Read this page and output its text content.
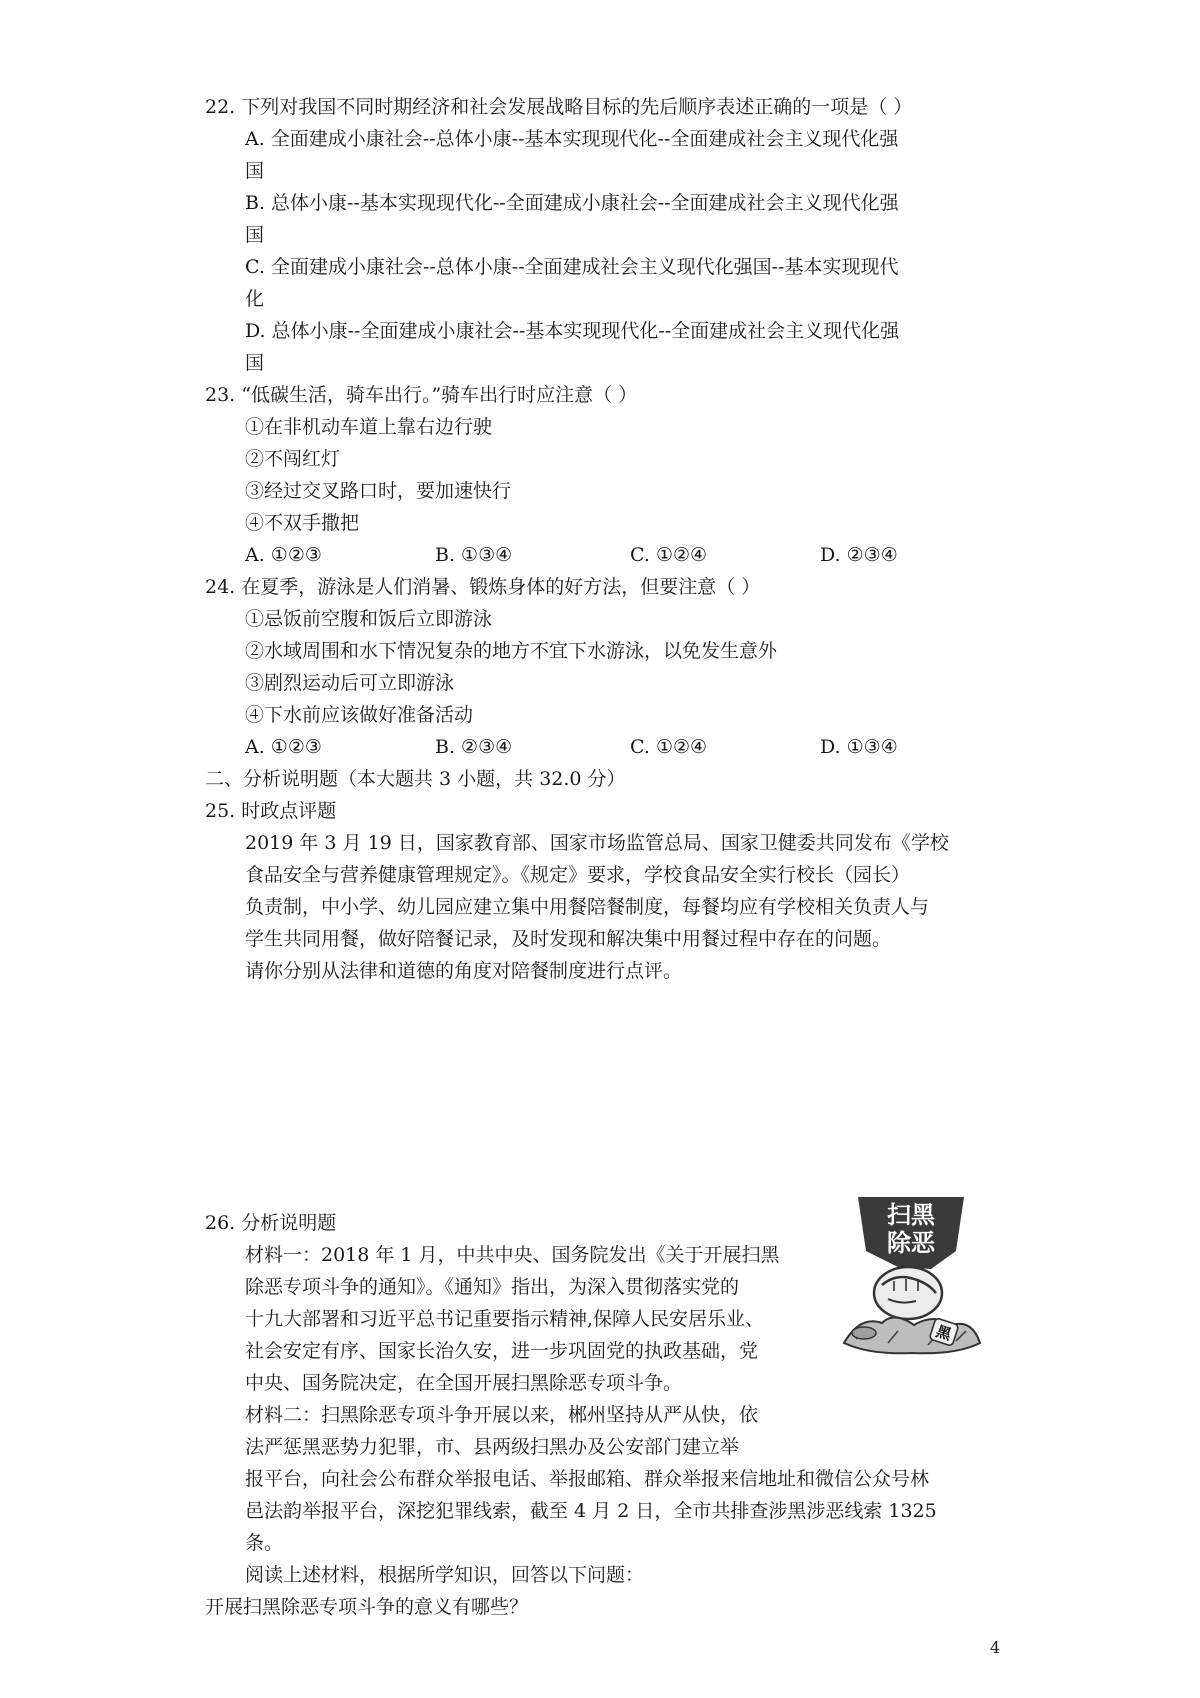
22. 下列对我国不同时期经济和社会发展战略目标的先后顺序表述正确的一项是（ ）
A. 全面建成小康社会--总体小康--基本实现现代化--全面建成社会主义现代化强
国
B. 总体小康--基本实现现代化--全面建成小康社会--全面建成社会主义现代化强
国
C. 全面建成小康社会--总体小康--全面建成社会主义现代化强国--基本实现现代
化
D. 总体小康--全面建成小康社会--基本实现现代化--全面建成社会主义现代化强
国
23. “低碳生活，骑车出行。”骑车出行时应注意（ ）
①在非机动车道上靠右边行驶
②不闯红灯
③经过交叉路口时，要加速快行
④不双手撒把
A. ①②③	B. ①③④	C. ①②④	D. ②③④
24. 在夏季，游泳是人们消暑、锻炼身体的好方法，但要注意（ ）
①忌饭前空腹和饭后立即游泳
②水域周围和水下情况复杂的地方不宜下水游泳，以免发生意外
③剧烈运动后可立即游泳
④下水前应该做好准备活动
A. ①②③	B. ②③④	C. ①②④	D. ①③④
二、分析说明题（本大题共 3 小题，共 32.0 分）
25. 时政点评题
2019 年 3 月 19 日，国家教育部、国家市场监管总局、国家卫健委共同发布《学校
食品安全与营养健康管理规定》。《规定》要求，学校食品安全实行校长（园长）
负责制，中小学、幼儿园应建立集中用餐陪餐制度，每餐均应有学校相关负责人与
学生共同用餐，做好陪餐记录，及时发现和解决集中用餐过程中存在的问题。
请你分别从法律和道德的角度对陪餐制度进行点评。
26. 分析说明题
材料一：2018 年 1 月，中共中央、国务院发出《关于开展扫黑
除恶专项斗争的通知》。《通知》指出，为深入贯彻落实党的
十九大部署和习近平总书记重要指示精神,保障人民安居乐业、
社会安定有序、国家长治久安，进一步巩固党的执政基础，党
中央、国务院决定，在全国开展扫黑除恶专项斗争。
材料二：扫黑除恶专项斗争开展以来，郴州坚持从严从快，依
法严惩黑恶势力犯罪，市、县两级扫黑办及公安部门建立举
报平台，向社会公布群众举报电话、举报邮箱、群众举报来信地址和微信公众号林
邑法韵举报平台，深挖犯罪线索，截至 4 月 2 日，全市共排查涉黑涉恶线索 1325
条。
阅读上述材料，根据所学知识，回答以下问题：
开展扫黑除恶专项斗争的意义有哪些？
扫黑
除恶
黑
4
